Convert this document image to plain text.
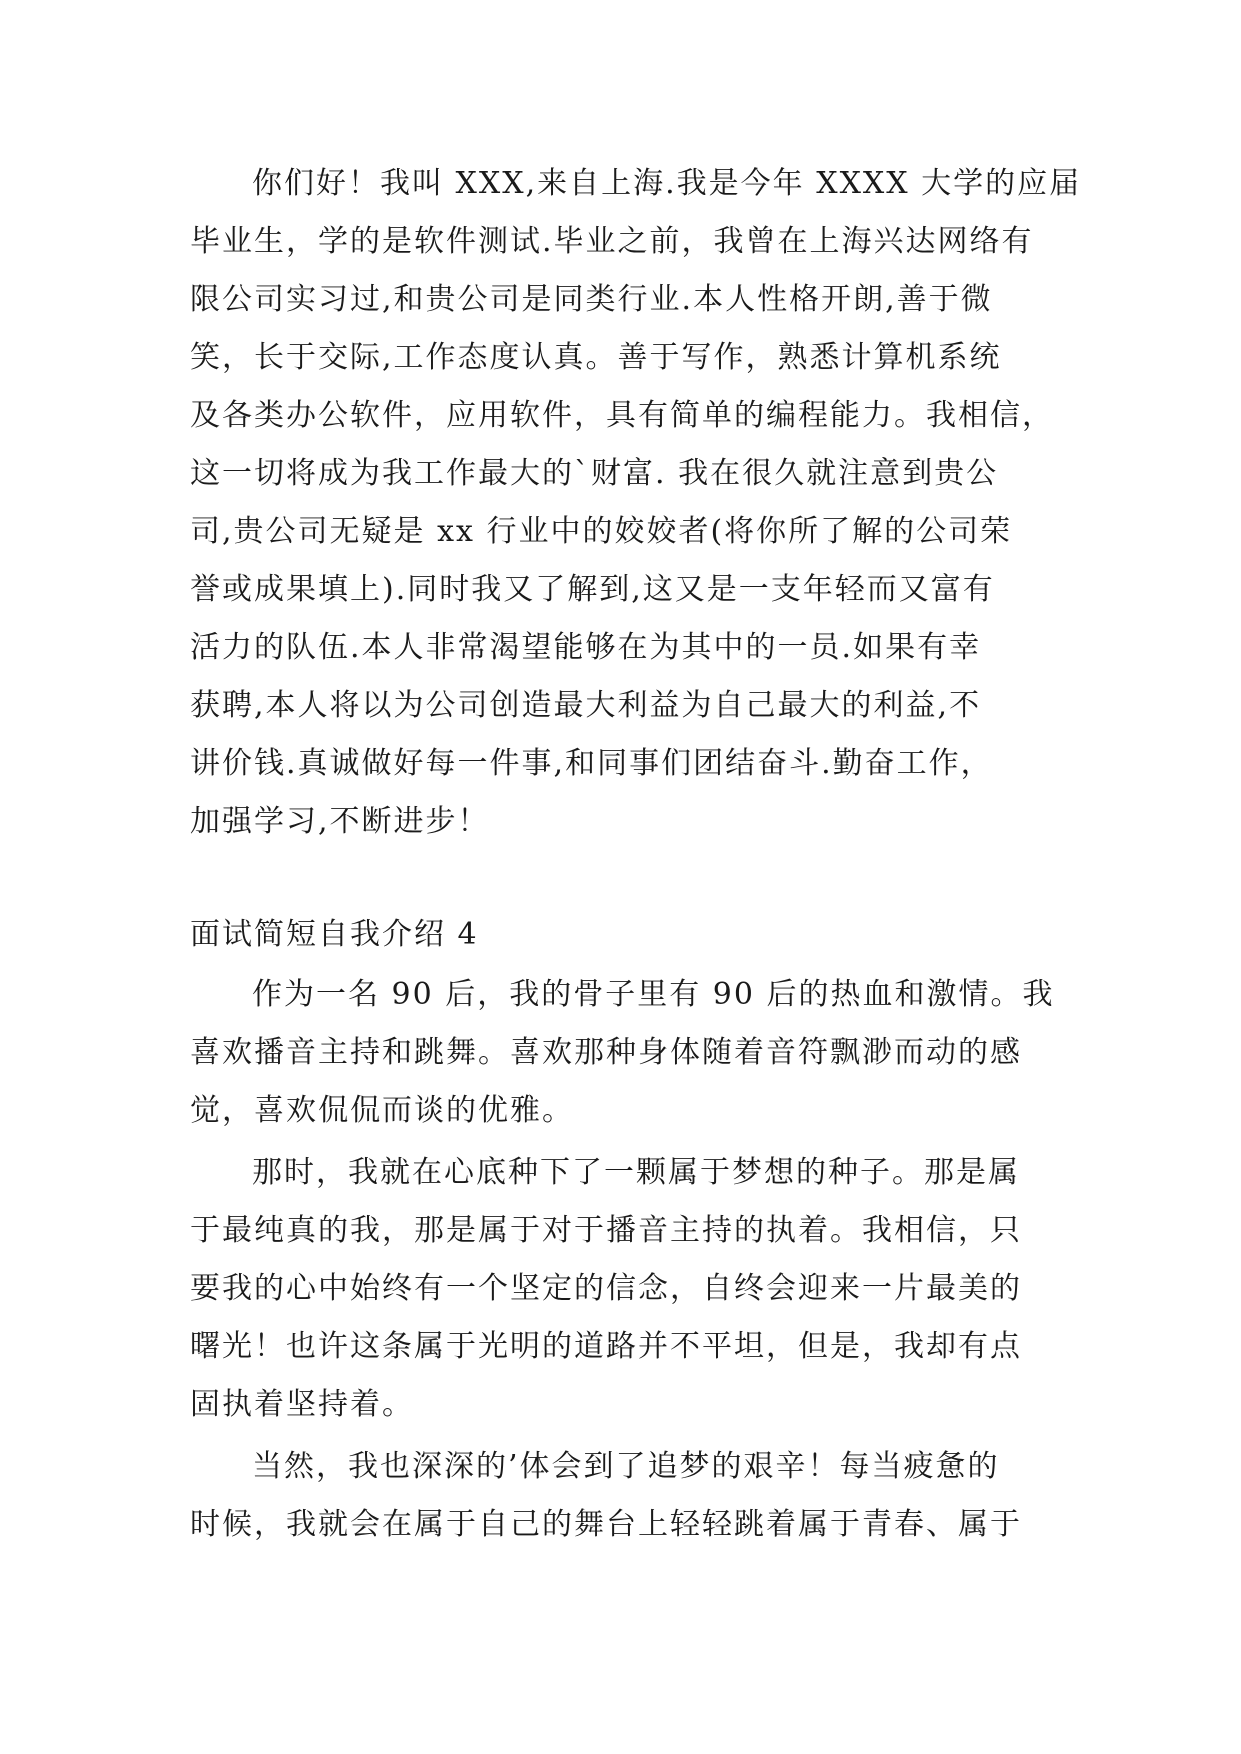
你们好！我叫 XXX,来自上海.我是今年 XXXX 大学的应届
毕业生，学的是软件测试.毕业之前，我曾在上海兴达网络有
限公司实习过,和贵公司是同类行业.本人性格开朗,善于微
笑，长于交际,工作态度认真。善于写作，熟悉计算机系统
及各类办公软件，应用软件，具有简单的编程能力。我相信，
这一切将成为我工作最大的`财富. 我在很久就注意到贵公
司,贵公司无疑是 xx 行业中的姣姣者(将你所了解的公司荣
誉或成果填上).同时我又了解到,这又是一支年轻而又富有
活力的队伍.本人非常渴望能够在为其中的一员.如果有幸
获聘,本人将以为公司创造最大利益为自己最大的利益,不
讲价钱.真诚做好每一件事,和同事们团结奋斗.勤奋工作，
加强学习,不断进步！
面试简短自我介绍 4
作为一名 90 后，我的骨子里有 90 后的热血和激情。我
喜欢播音主持和跳舞。喜欢那种身体随着音符飘渺而动的感
觉，喜欢侃侃而谈的优雅。
那时，我就在心底种下了一颗属于梦想的种子。那是属
于最纯真的我，那是属于对于播音主持的执着。我相信，只
要我的心中始终有一个坚定的信念，自终会迎来一片最美的
曙光！也许这条属于光明的道路并不平坦，但是，我却有点
固执着坚持着。
当然，我也深深的’体会到了追梦的艰辛！每当疲惫的
时候，我就会在属于自己的舞台上轻轻跳着属于青春、属于
